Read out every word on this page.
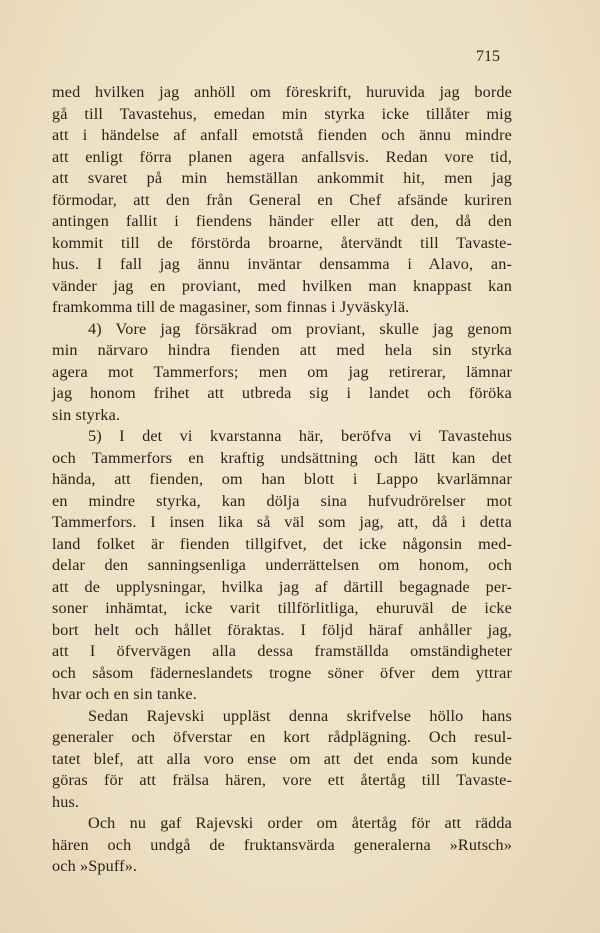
715
med hvilken jag anhöll om föreskrift, huruvida jag borde
gå till Tavastehus, emedan min styrka icke tillåter mig
att i händelse af anfall emotstå fienden och ännu mindre
att enligt förra planen agera anfallsvis. Redan vore tid,
att svaret på min hemställan ankommit hit, men jag
förmodar, att den från General en Chef afsände kuriren
antingen fallit i fiendens händer eller att den, då den
kommit till de förstörda broarne, återvändt till Tavaste-
hus. I fall jag ännu inväntar densamma i Alavo, an-
vänder jag en proviant, med hvilken man knappast kan
framkomma till de magasiner, som finnas i Jyväskylä.
4) Vore jag försäkrad om proviant, skulle jag genom
min närvaro hindra fienden att med hela sin styrka
agera mot Tammerfors; men om jag retirerar, lämnar
jag honom frihet att utbreda sig i landet och föröka
sin styrka.
5) I det vi kvarstanna här, beröfva vi Tavastehus
och Tammerfors en kraftig undsättning och lätt kan det
hända, att fienden, om han blott i Lappo kvarlämnar
en mindre styrka, kan dölja sina hufvudrörelser mot
Tammerfors. I insen lika så väl som jag, att, då i detta
land folket är fienden tillgifvet, det icke någonsin med-
delar den sanningsenliga underrättelsen om honom, och
att de upplysningar, hvilka jag af därtill begagnade per-
soner inhämtat, icke varit tillförlitliga, ehuruväl de icke
bort helt och hållet föraktas. I följd häraf anhåller jag,
att I öfvervägen alla dessa framställda omständigheter
och såsom fäderneslandets trogne söner öfver dem yttrar
hvar och en sin tanke.
Sedan Rajevski uppläst denna skrifvelse höllo hans
generaler och öfverstar en kort rådplägning. Och resul-
tatet blef, att alla voro ense om att det enda som kunde
göras för att frälsa hären, vore ett återtåg till Tavaste-
hus.
Och nu gaf Rajevski order om återtåg för att rädda
hären och undgå de fruktansvärda generalerna »Rutsch»
och »Spuff».
